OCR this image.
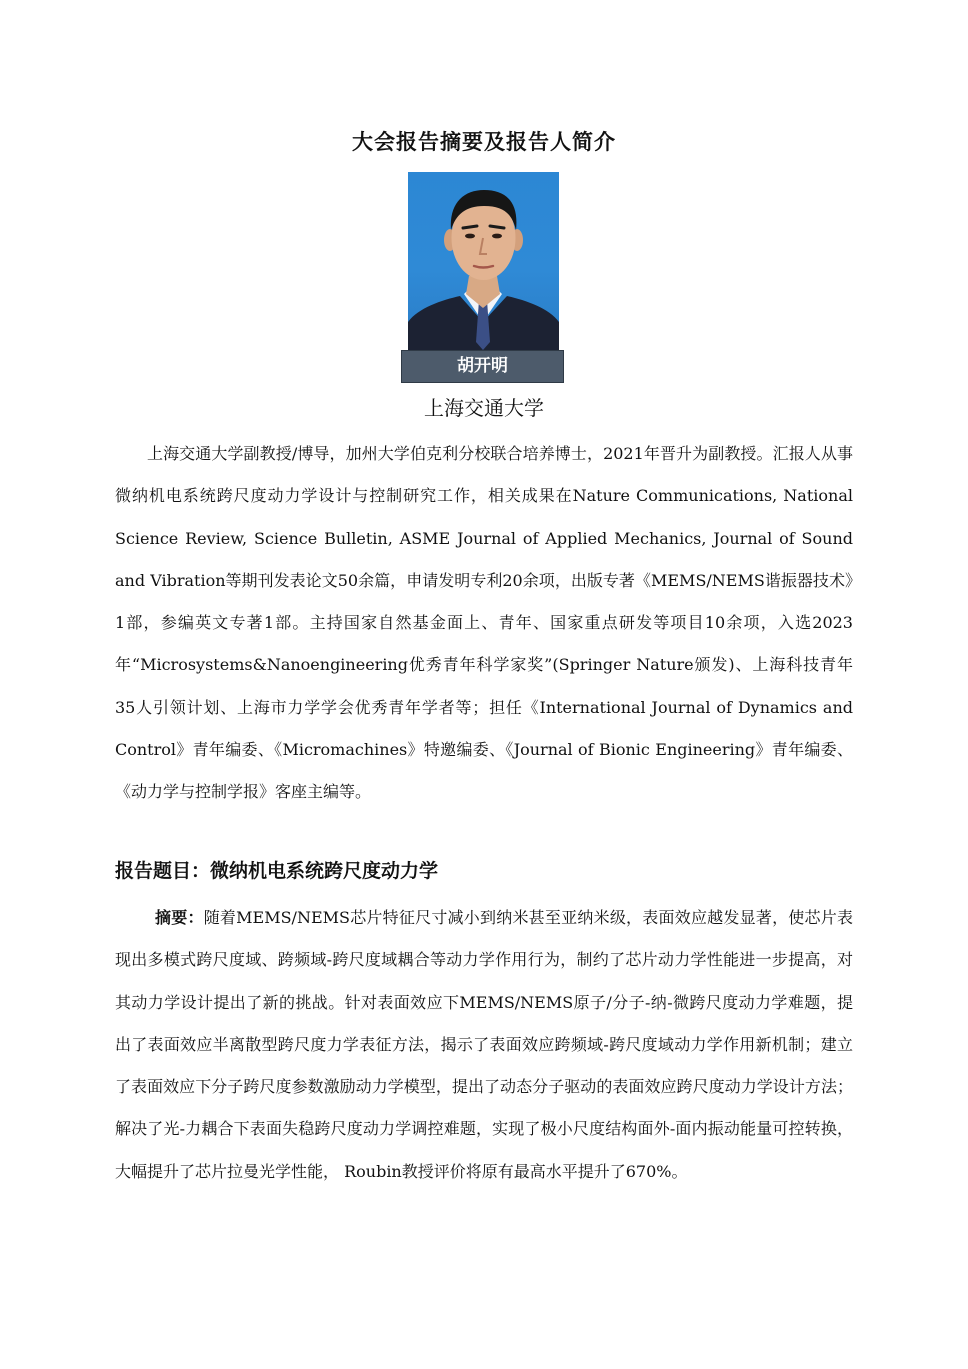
大会报告摘要及报告人简介
胡开明
上海交通大学

上海交通大学副教授/博导，加州大学伯克利分校联合培养博士，2021年晋升为副教授。汇报人从事微纳机电系统跨尺度动力学设计与控制研究工作，相关成果在Nature Communications, National Science Review, Science Bulletin, ASME Journal of Applied Mechanics, Journal of Sound and Vibration等期刊发表论文50余篇，申请发明专利20余项，出版专著《MEMS/NEMS谐振器技术》1部，参编英文专著1部。主持国家自然基金面上、青年、国家重点研发等项目10余项，入选2023年“Microsystems&Nanoengineering优秀青年科学家奖”(Springer Nature颁发)、上海科技青年35人引领计划、上海市力学学会优秀青年学者等；担任《International Journal of Dynamics and Control》青年编委、《Micromachines》特邀编委、《Journal of Bionic Engineering》青年编委、《动力学与控制学报》客座主编等。

报告题目：微纳机电系统跨尺度动力学

摘要：随着MEMS/NEMS芯片特征尺寸减小到纳米甚至亚纳米级，表面效应越发显著，使芯片表现出多模式跨尺度域、跨频域-跨尺度域耦合等动力学作用行为，制约了芯片动力学性能进一步提高，对其动力学设计提出了新的挑战。针对表面效应下MEMS/NEMS原子/分子-纳-微跨尺度动力学难题，提出了表面效应半离散型跨尺度力学表征方法，揭示了表面效应跨频域-跨尺度域动力学作用新机制；建立了表面效应下分子跨尺度参数激励动力学模型，提出了动态分子驱动的表面效应跨尺度动力学设计方法；解决了光-力耦合下表面失稳跨尺度动力学调控难题，实现了极小尺度结构面外-面内振动能量可控转换，大幅提升了芯片拉曼光学性能， Roubin教授评价将原有最高水平提升了670%。
